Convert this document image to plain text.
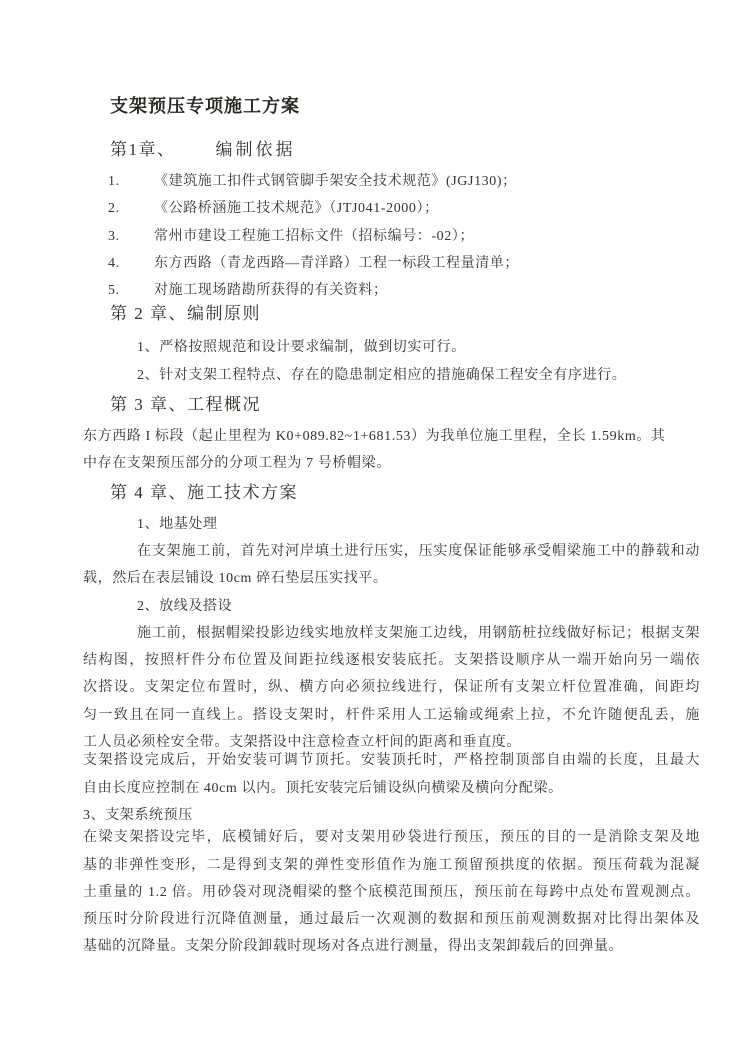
支架预压专项施工方案
第1章、 编制依据
1.	《建筑施工扣件式钢管脚手架安全技术规范》(JGJ130)；
2.	《公路桥涵施工技术规范》（JTJ041-2000）；
3.	常州市建设工程施工招标文件（招标编号：-02）；
4.	东方西路（青龙西路—青洋路）工程一标段工程量清单；
5.	对施工现场踏勘所获得的有关资料；
第 2 章、编制原则
1、严格按照规范和设计要求编制，做到切实可行。
2、针对支架工程特点、存在的隐患制定相应的措施确保工程安全有序进行。
第 3 章、工程概况
东方西路 I 标段（起止里程为 K0+089.82~1+681.53）为我单位施工里程，全长 1.59km。其
中存在支架预压部分的分项工程为 7 号桥帽梁。
第 4 章、施工技术方案
1、地基处理
在支架施工前，首先对河岸填土进行压实，压实度保证能够承受帽梁施工中的静载和动
载，然后在表层铺设 10cm 碎石垫层压实找平。
2、放线及搭设
施工前，根据帽梁投影边线实地放样支架施工边线，用钢筋桩拉线做好标记；根据支架
结构图，按照杆件分布位置及间距拉线逐根安装底托。支架搭设顺序从一端开始向另一端依
次搭设。支架定位布置时，纵、横方向必须拉线进行，保证所有支架立杆位置准确，间距均
匀一致且在同一直线上。搭设支架时，杆件采用人工运输或绳索上拉，不允许随便乱丢，施
工人员必须栓安全带。支架搭设中注意检查立杆间的距离和垂直度。
支架搭设完成后，开始安装可调节顶托。安装顶托时，严格控制顶部自由端的长度，且最大
自由长度应控制在 40cm 以内。顶托安装完后铺设纵向横梁及横向分配梁。
3、支架系统预压
在梁支架搭设完毕，底模铺好后，要对支架用砂袋进行预压，预压的目的一是消除支架及地
基的非弹性变形，二是得到支架的弹性变形值作为施工预留预拱度的依据。预压荷载为混凝
土重量的 1.2 倍。用砂袋对现浇帽梁的整个底模范围预压，预压前在每跨中点处布置观测点。
预压时分阶段进行沉降值测量，通过最后一次观测的数据和预压前观测数据对比得出架体及
基础的沉降量。支架分阶段卸载时现场对各点进行测量，得出支架卸载后的回弹量。
